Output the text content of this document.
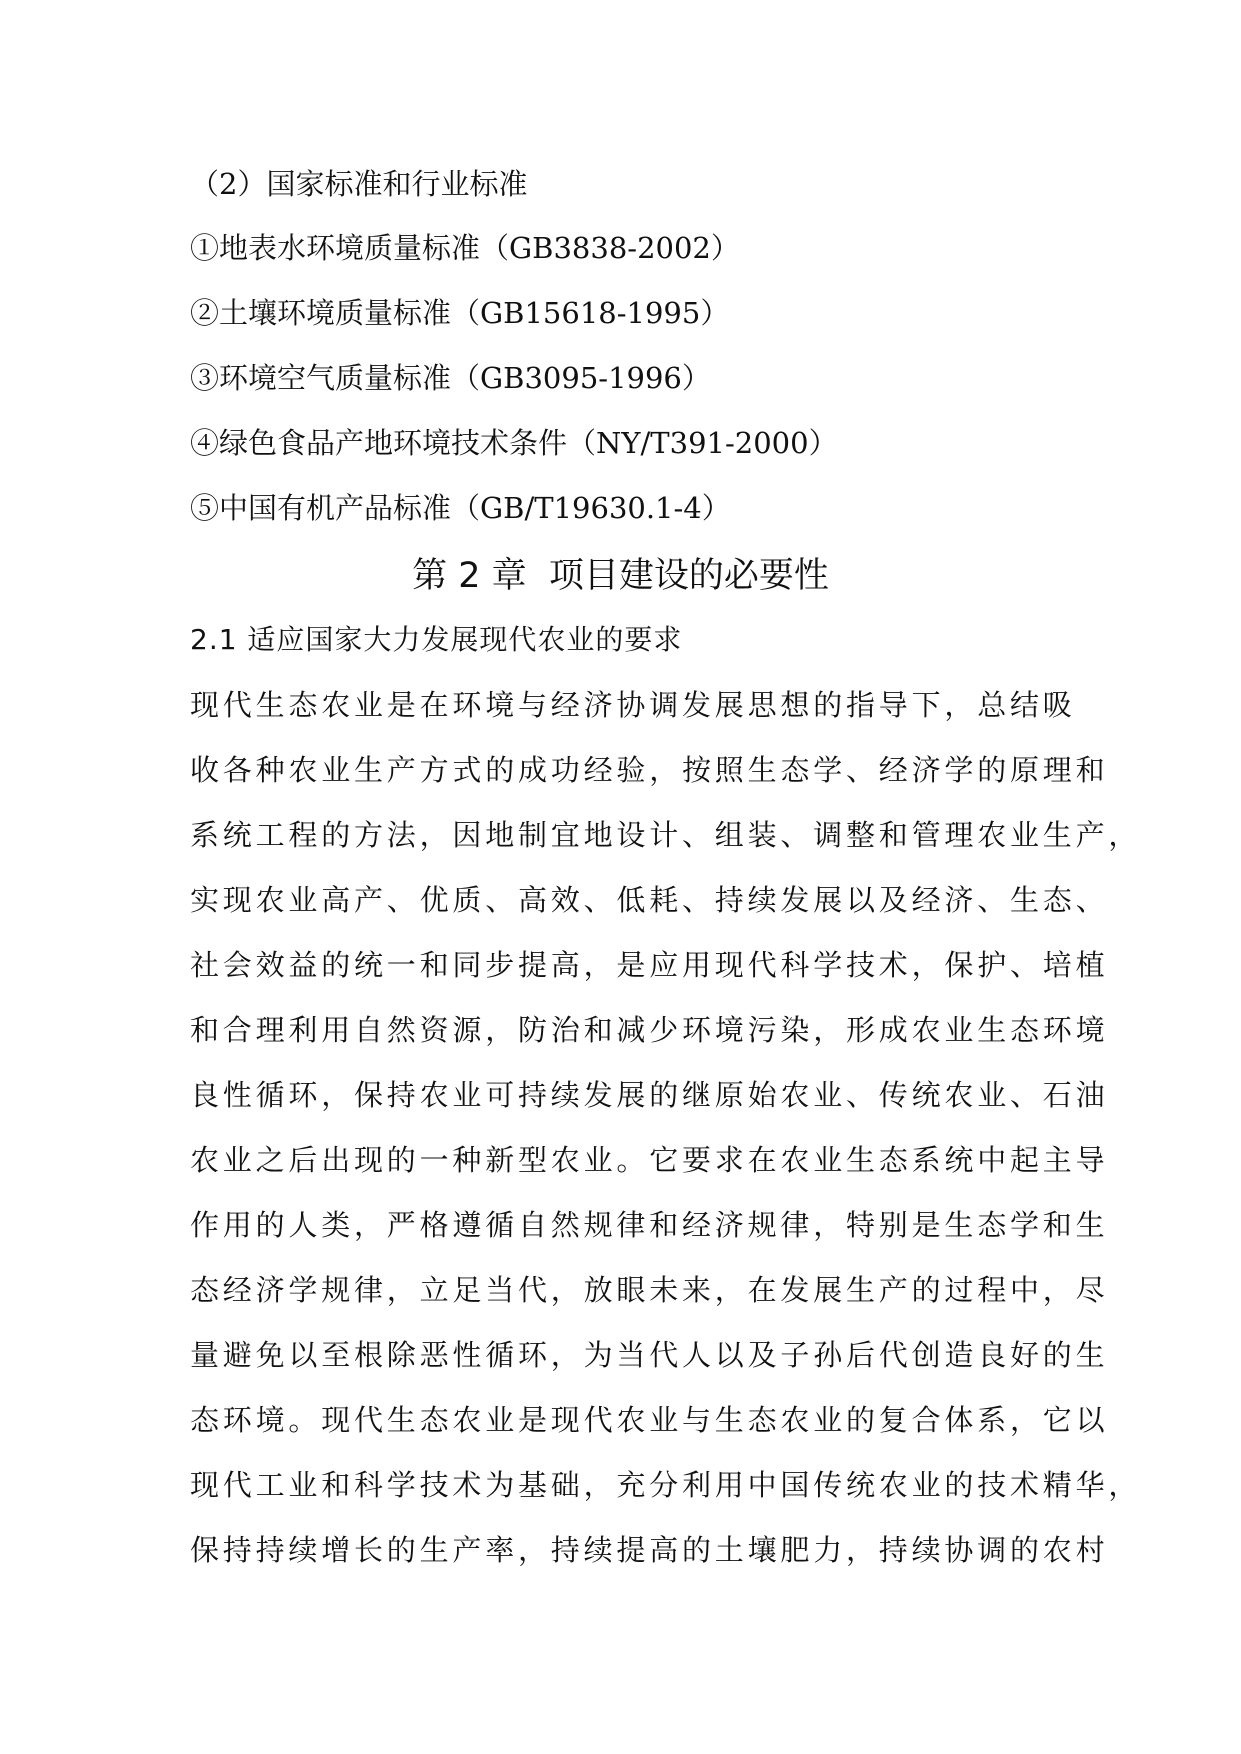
（2）国家标准和行业标准
①地表水环境质量标准（GB3838-2002）
②土壤环境质量标准（GB15618-1995）
③环境空气质量标准（GB3095-1996）
④绿色食品产地环境技术条件（NY/T391-2000）
⑤中国有机产品标准（GB/T19630.1-4）
第 2 章  项目建设的必要性
2.1 适应国家大力发展现代农业的要求
现代生态农业是在环境与经济协调发展思想的指导下，总结吸
收各种农业生产方式的成功经验，按照生态学、经济学的原理和
系统工程的方法，因地制宜地设计、组装、调整和管理农业生产，
实现农业高产、优质、高效、低耗、持续发展以及经济、生态、
社会效益的统一和同步提高，是应用现代科学技术，保护、培植
和合理利用自然资源，防治和减少环境污染，形成农业生态环境
良性循环，保持农业可持续发展的继原始农业、传统农业、石油
农业之后出现的一种新型农业。它要求在农业生态系统中起主导
作用的人类，严格遵循自然规律和经济规律，特别是生态学和生
态经济学规律，立足当代，放眼未来，在发展生产的过程中，尽
量避免以至根除恶性循环，为当代人以及子孙后代创造良好的生
态环境。现代生态农业是现代农业与生态农业的复合体系，它以
现代工业和科学技术为基础，充分利用中国传统农业的技术精华，
保持持续增长的生产率，持续提高的土壤肥力，持续协调的农村
